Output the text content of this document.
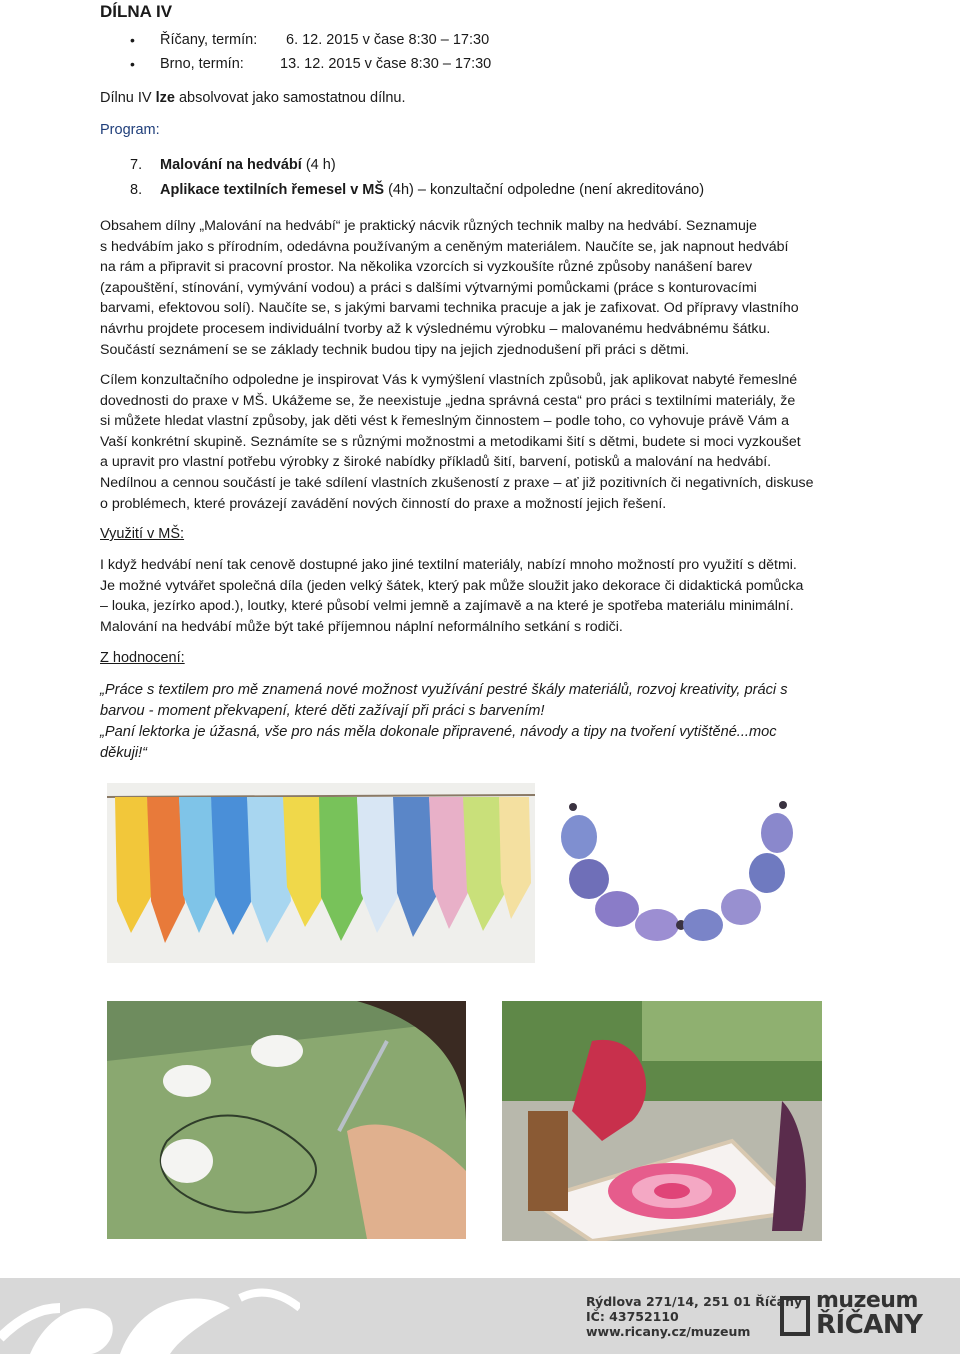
DÍLNA IV
• Říčany, termín: 6. 12. 2015 v čase 8:30 – 17:30
• Brno, termín: 13. 12. 2015 v čase 8:30 – 17:30
Dílnu IV lze absolvovat jako samostatnou dílnu.
Program:
7. Malování na hedvábí (4 h)
8. Aplikace textilních řemesel v MŠ (4h) – konzultační odpoledne (není akreditováno)
Obsahem dílny „Malování na hedvábí“ je praktický nácvik různých technik malby na hedvábí. Seznamuje
s hedvábím jako s přírodním, odedávna používaným a ceněným materiálem. Naučíte se, jak napnout hedvábí
na rám a připravit si pracovní prostor. Na několika vzorcích si vyzkoušíte různé způsoby nanášení barev
(zapouštění, stínování, vymývání vodou) a práci s dalšími výtvarnými pomůckami (práce s konturovacími
barvami, efektovou solí). Naučíte se, s jakými barvami technika pracuje a jak je zafixovat. Od přípravy vlastního
návrhu projdete procesem individuální tvorby až k výslednému výrobku – malovanému hedvábnému šátku.
Součástí seznámení se se základy technik budou tipy na jejich zjednodušení při práci s dětmi.
Cílem konzultačního odpoledne je inspirovat Vás k vymýšlení vlastních způsobů, jak aplikovat nabyté řemeslné
dovednosti do praxe v MŠ. Ukážeme se, že neexistuje „jedna správná cesta“ pro práci s textilními materiály, že
si můžete hledat vlastní způsoby, jak děti vést k řemeslným činnostem – podle toho, co vyhovuje právě Vám a
Vaší konkrétní skupině. Seznámíte se s různými možnostmi a metodikami šití s dětmi, budete si moci vyzkoušet
a upravit pro vlastní potřebu výrobky z široké nabídky příkladů šití, barvení, potisků a malování na hedvábí.
Nedílnou a cennou součástí je také sdílení vlastních zkušeností z praxe – ať již pozitivních či negativních, diskuse
o problémech, které provázejí zavádění nových činností do praxe a možností jejich řešení.
Využití v MŠ:
I když hedvábí není tak cenově dostupné jako jiné textilní materiály, nabízí mnoho možností pro využití s dětmi.
Je možné vytvářet společná díla (jeden velký šátek, který pak může sloužit jako dekorace či didaktická pomůcka
– louka, jezírko apod.), loutky, které působí velmi jemně a zajímavě a na které je spotřeba materiálu minimální.
Malování na hedvábí může být také příjemnou náplní neformálního setkání s rodiči.
Z hodnocení:
„Práce s textilem pro mě znamená nové možnost využívání pestré škály materiálů, rozvoj kreativity, práci s
barvou - moment překvapení, které děti zažívají při práci s barvením!
„Paní lektorka je úžasná, vše pro nás měla dokonale připravené, návody a tipy na tvoření vytištěné...moc
děkuji!“
Rýdlova 271/14, 251 01 Říčany
IČ: 43752110
www.ricany.cz/muzeum
muzeum
ŘÍČANY
